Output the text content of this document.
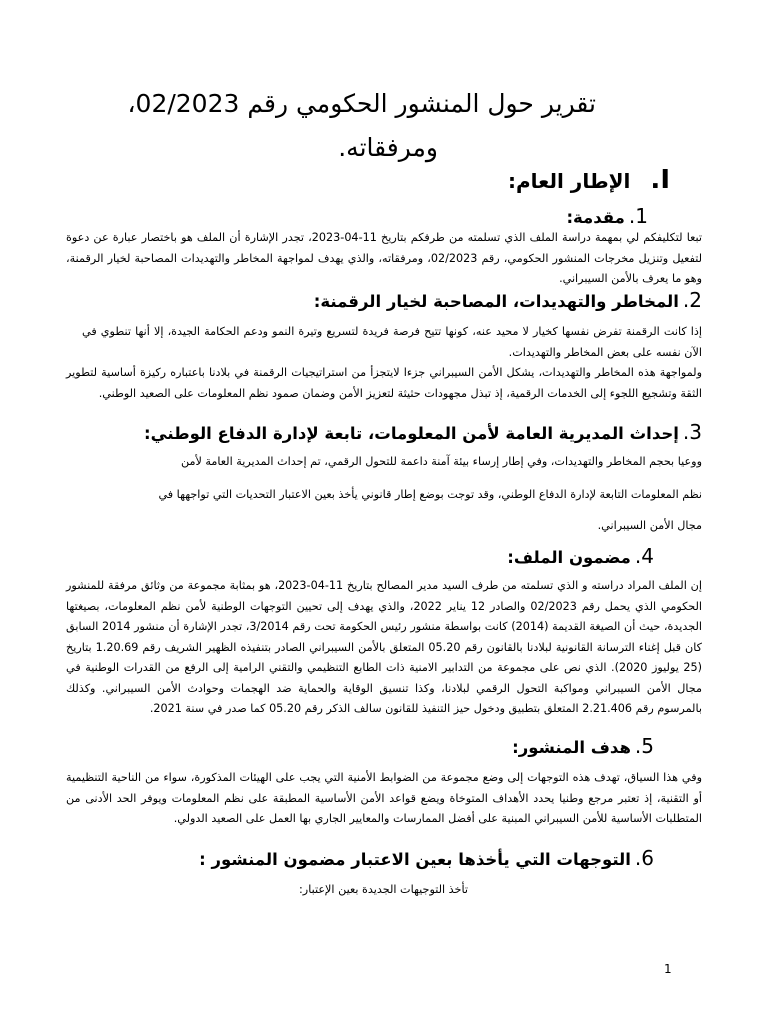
تقرير حول المنشور الحكومي رقم 02/2023،
ومرفقاته.
I.الإطار العام:
1.مقدمة:
تبعا لتكليفكم لي بمهمة دراسة الملف الذي تسلمته من طرفكم بتاريخ 11-04-2023، تجدر الإشارة أن الملف هو باختصار عبارة عن دعوة لتفعيل وتنزيل مخرجات المنشور الحكومي، رقم 02/2023، ومرفقاته، والذي يهدف لمواجهة المخاطر والتهديدات المصاحبة لخيار الرقمنة، وهو ما يعرف بالأمن السيبراني.
2.المخاطر والتهديدات، المصاحبة لخيار الرقمنة:
إذا كانت الرقمنة تفرض نفسها كخيار لا محيد عنه، كونها تتيح فرصة فريدة لتسريع وتيرة النمو ودعم الحكامة الجيدة، إلا أنها تنطوي في الآن نفسه على بعض المخاطر والتهديدات.
ولمواجهة هذه المخاطر والتهديدات، يشكل الأمن السيبراني جزءا لايتجزأ من استراتيجيات الرقمنة في بلادنا باعتباره ركيزة أساسية لتطوير الثقة وتشجيع اللجوء إلى الخدمات الرقمية، إذ تبذل مجهودات حثيثة لتعزيز الأمن وضمان صمود نظم المعلومات على الصعيد الوطني.
3.إحداث المديرية العامة لأمن المعلومات، تابعة لإدارة الدفاع الوطني:
ووعيا بحجم المخاطر والتهديدات، وفي إطار إرساء بيئة آمنة داعمة للتحول الرقمي، تم إحداث المديرية العامة لأمن
نظم المعلومات التابعة لإدارة الدفاع الوطني، وقد توجت بوضع إطار قانوني يأخذ بعين الاعتبار التحديات التي تواجهها في
مجال الأمن السيبراني.
4.مضمون الملف:
إن الملف المراد دراسته و الذي تسلمته من طرف السيد مدير المصالح بتاريخ 11-04-2023، هو بمثابة مجموعة من وثائق مرفقة للمنشور الحكومي الذي يحمل رقم 02/2023 والصادر 12 يناير 2022، والذي يهدف إلى تحيين التوجهات الوطنية لأمن نظم المعلومات، بصيغتها الجديدة، حيث أن الصيغة القديمة (2014) كانت بواسطة منشور رئيس الحكومة تحت رقم 3/2014، تجدر الإشارة أن منشور 2014 السابق كان قبل إغناء الترسانة القانونية لبلادنا بالقانون رقم 05.20 المتعلق بالأمن السيبراني الصادر بتنفيذه الظهير الشريف رقم 1.20.69 بتاريخ (25 يوليوز 2020). الذي نص على مجموعة من التدابير الامنية ذات الطابع التنظيمي والتقني الرامية إلى الرفع من القدرات الوطنية في مجال الأمن السيبراني ومواكبة التحول الرقمي لبلادنا، وكذا تنسيق الوقاية والحماية ضد الهجمات وحوادث الأمن السيبراني. وكذلك بالمرسوم رقم 2.21.406 المتعلق بتطبيق ودخول حيز التنفيذ للقانون سالف الذكر رقم 05.20 كما صدر في سنة 2021.
5.هدف المنشور:
وفي هذا السياق، تهدف هذه التوجهات إلى وضع مجموعة من الضوابط الأمنية التي يجب على الهيئات المذكورة، سواء من الناحية التنظيمية أو التقنية، إذ تعتبر مرجع وطنيا يحدد الأهداف المتوخاة ويضع قواعد الأمن الأساسية المطبقة على نظم المعلومات ويوفر الحد الأدنى من المتطلبات الأساسية للأمن السيبراني المبنية على أفضل الممارسات والمعايير الجاري بها العمل على الصعيد الدولي.
6.التوجهات التي يأخذها بعين الاعتبار مضمون المنشور :
تأخذ التوجيهات الجديدة بعين الإعتبار:
1
